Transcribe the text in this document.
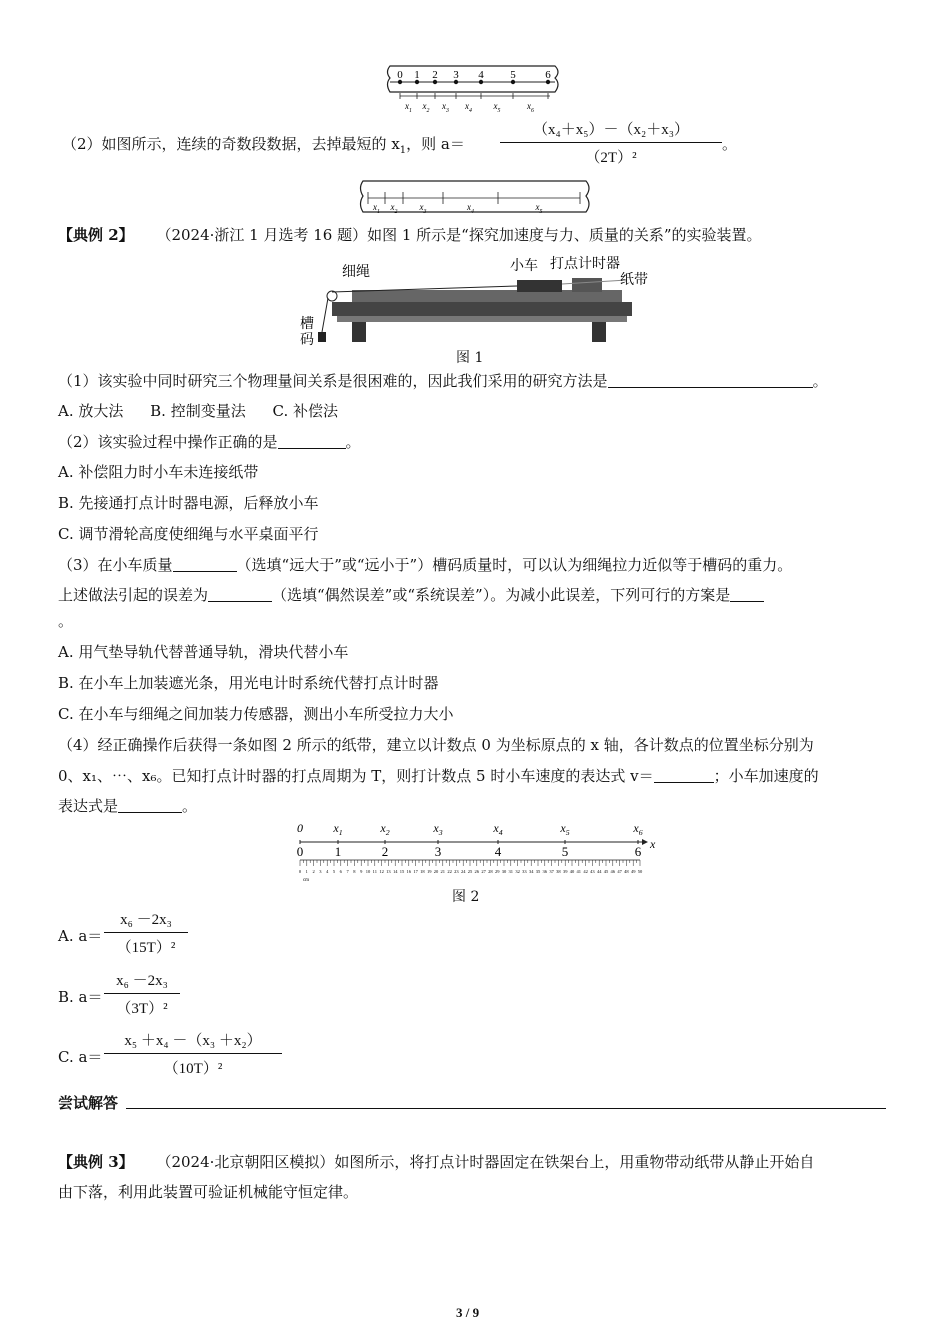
0 1 2 3 4 5	6
$x_1$ $x_2$ $x_3$ $x_4$ $x_5$	$x_6$
（2）如图所示，连续的奇数段数据，去掉最短的 $x_1$，则 a＝
（x₄＋x₅）－（x₂＋x₃）
（2T）²
。
$x_1$ $x_2$ $x_3$	$x_4$	$x_5$
【典例 2】 （2024·浙江 1 月选考 16 题）如图 1 所示是“探究加速度与力、质量的关系”的实验装置。
细绳	小车 打点计时器
纸带
槽
码
图 1
（1）该实验中同时研究三个物理量间关系是很困难的，因此我们采用的研究方法是	。
A. 放大法 B. 控制变量法 C. 补偿法
（2）该实验过程中操作正确的是	。
A. 补偿阻力时小车未连接纸带
B. 先接通打点计时器电源，后释放小车
C. 调节滑轮高度使细绳与水平桌面平行
（3）在小车质量	（选填“远大于”或“远小于”）槽码质量时，可以认为细绳拉力近似等于槽码的重力。
上述做法引起的误差为	（选填“偶然误差”或“系统误差”）。为减小此误差，下列可行的方案是
。
A. 用气垫导轨代替普通导轨，滑块代替小车
B. 在小车上加装遮光条，用光电计时系统代替打点计时器
C. 在小车与细绳之间加装力传感器，测出小车所受拉力大小
（4）经正确操作后获得一条如图 2 所示的纸带，建立以计数点 0 为坐标原点的 x 轴，各计数点的位置坐标分别为
0、x₁、⋯、x₆。已知打点计时器的打点周期为 T，则打计数点 5 时小车速度的表达式 v＝	；小车加速度的
表达式是	。
0	$x_1$	$x_2$	$x_3$	$x_4$	$x_5$	$x_6$
0 1	2	3	4	5	6 x
0 1 2 3 4 5 6 7 8 9 10 11 12 13 14 15 16 17 18 19 20 21 22 23 24 25 26 27 28 29 30 31 32 33 34 35 36 37 38 39 40 41 42 43 44 45 46 47 48 49 50
cm
图 2
A. a＝
x₆ －2x₃
（15T）²
B. a＝
x₆ －2x₃
（3T）²
C. a＝
x₅ ＋x₄ －（x₃ ＋x₂）
（10T）²
尝试解答
【典例 3】 （2024·北京朝阳区模拟）如图所示，将打点计时器固定在铁架台上，用重物带动纸带从静止开始自
由下落，利用此装置可验证机械能守恒定律。
3 / 9
